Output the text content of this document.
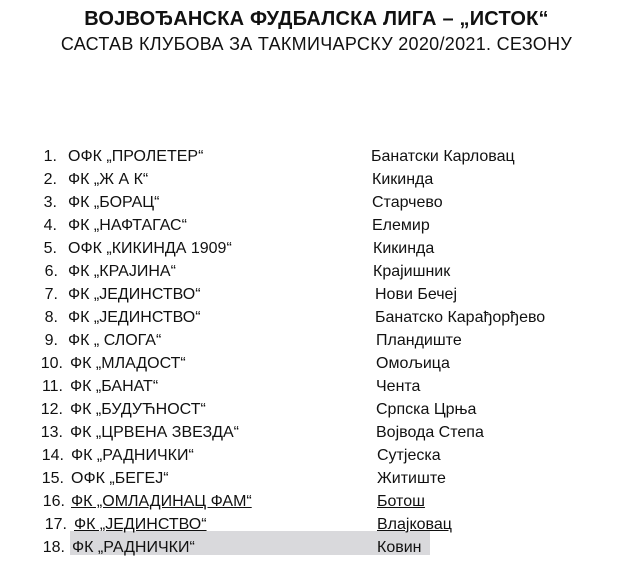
ВОЈВОЂАНСКА ФУДБАЛСКА ЛИГА – „ИСТОК“
САСТАВ КЛУБОВА ЗА ТАКМИЧАРСКУ 2020/2021. СЕЗОНУ
1. ОФК „ПРОЛЕТЕР“	Банатски Карловац
2. ФК „Ж А К“	Кикинда
3. ФК „БОРАЦ“	Старчево
4. ФК „НАФТАГАС“	Елемир
5. ОФК „КИКИНДА 1909“	Кикинда
6. ФК „КРАЈИНА“	Крајишник
7. ФК „ЈЕДИНСТВО“	Нови Бечеј
8. ФК „ЈЕДИНСТВО“	Банатско Карађорђево
9. ФК „ СЛОГА“	Пландиште
10. ФК „МЛАДОСТ“	Омољица
11. ФК „БАНАТ“	Чента
12. ФК „БУДУЋНОСТ“	Српска Црња
13. ФК „ЦРВЕНА ЗВЕЗДА“	Војвода Степа
14. ФК „РАДНИЧКИ“	Сутјеска
15. ОФК „БЕГЕЈ“	Житиште
16. ФК „ОМЛАДИНАЦ ФАМ“	Ботош
17. ФК „ЈЕДИНСТВО“	Влајковац
18. ФК „РАДНИЧКИ“	Ковин
